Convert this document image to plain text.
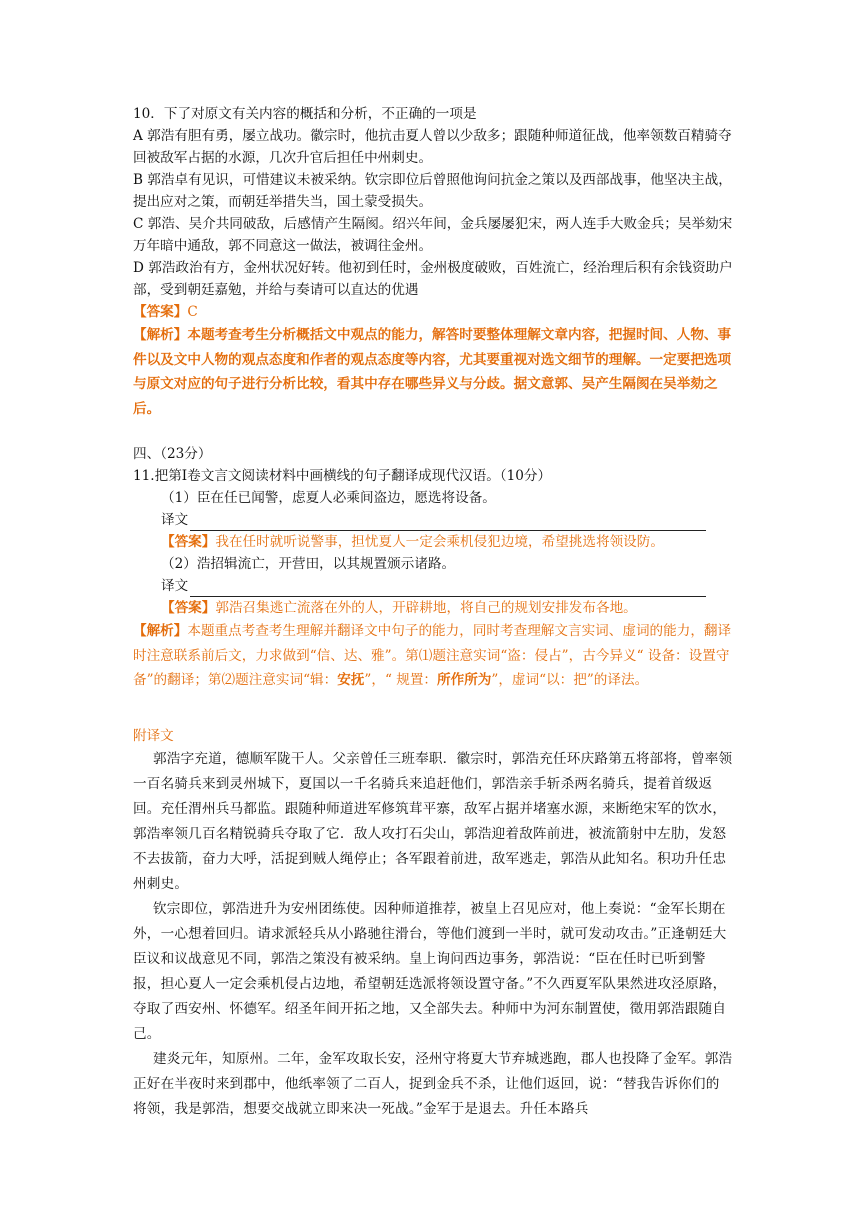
10．下了对原文有关内容的概括和分析，不正确的一项是
A 郭浩有胆有勇，屡立战功。徽宗时，他抗击夏人曾以少敌多；跟随种师道征战，他率领数百精骑夺回被敌军占据的水源，几次升官后担任中州刺史。
B 郭浩卓有见识，可惜建议未被采纳。钦宗即位后曾照他询问抗金之策以及西部战事，他坚决主战，提出应对之策，而朝廷举措失当，国土蒙受损失。
C 郭浩、吴介共同破敌，后感情产生隔阂。绍兴年间，金兵屡屡犯宋，两人连手大败金兵；吴举劾宋万年暗中通敌，郭不同意这一做法，被调往金州。
D 郭浩政治有方，金州状况好转。他初到任时，金州极度破败，百姓流亡，经治理后积有余钱资助户部，受到朝廷嘉勉，并给与奏请可以直达的优遇
【答案】C
【解析】本题考查考生分析概括文中观点的能力，解答时要整体理解文章内容，把握时间、人物、事件以及文中人物的观点态度和作者的观点态度等内容，尤其要重视对选文细节的理解。一定要把选项与原文对应的句子进行分析比较，看其中存在哪些异义与分歧。据文意郭、吴产生隔阂在吴举劾之后。
四、（23分）
11.把第Ⅰ卷文言文阅读材料中画横线的句子翻译成现代汉语。（10分）
（1）臣在任已闻警，虑夏人必乘间盗边，愿选将设备。
译文
【答案】我在任时就听说警事，担忧夏人一定会乘机侵犯边境，希望挑选将领设防。
（2）浩招辑流亡，开营田，以其规置颁示诸路。
译文
【答案】郭浩召集逃亡流落在外的人，开辟耕地，将自己的规划安排发布各地。
【解析】本题重点考查考生理解并翻译文中句子的能力，同时考查理解文言实词、虚词的能力，翻译时注意联系前后文，力求做到“信、达、雅”。第⑴题注意实词“盗：侵占”，古今异义“ 设备：设置守备”的翻译；第⑵题注意实词“辑：安抚”，“ 规置：所作所为”，虚词“以：把”的译法。
附译文
郭浩字充道，德顺军陇干人。父亲曾任三班奉职．徽宗时，郭浩充任环庆路第五将部将，曾率领一百名骑兵来到灵州城下，夏国以一千名骑兵来追赶他们，郭浩亲手斩杀两名骑兵，提着首级返回。充任渭州兵马都监。跟随种师道进军修筑茸平寨，敌军占据并堵塞水源，来断绝宋军的饮水，郭浩率领几百名精锐骑兵夺取了它．敌人攻打石尖山，郭浩迎着敌阵前进，被流箭射中左肋，发怒不去拔箭，奋力大呼，活捉到贼人绳停止；各军跟着前进，敌军逃走，郭浩从此知名。积功升任忠州刺史。
钦宗即位，郭浩进升为安州团练使。因种师道推荐，被皇上召见应对，他上奏说：“金军长期在外，一心想着回归。请求派轻兵从小路驰往滑台，等他们渡到一半时，就可发动攻击。”正逢朝廷大臣议和议战意见不同，郭浩之策没有被采纳。皇上询问西边事务，郭浩说：“臣在任时已听到警报，担心夏人一定会乘机侵占边地，希望朝廷选派将领设置守备。”不久西夏军队果然进攻泾原路，夺取了西安州、怀德军。绍圣年间开拓之地，又全部失去。种师中为河东制置使，徵用郭浩跟随自己。
建炎元年，知原州。二年，金军攻取长安，泾州守将夏大节弃城逃跑，郡人也投降了金军。郭浩正好在半夜时来到郡中，他纸率领了二百人，捉到金兵不杀，让他们返回，说：“替我告诉你们的将领，我是郭浩，想要交战就立即来决一死战。”金军于是退去。升任本路兵
